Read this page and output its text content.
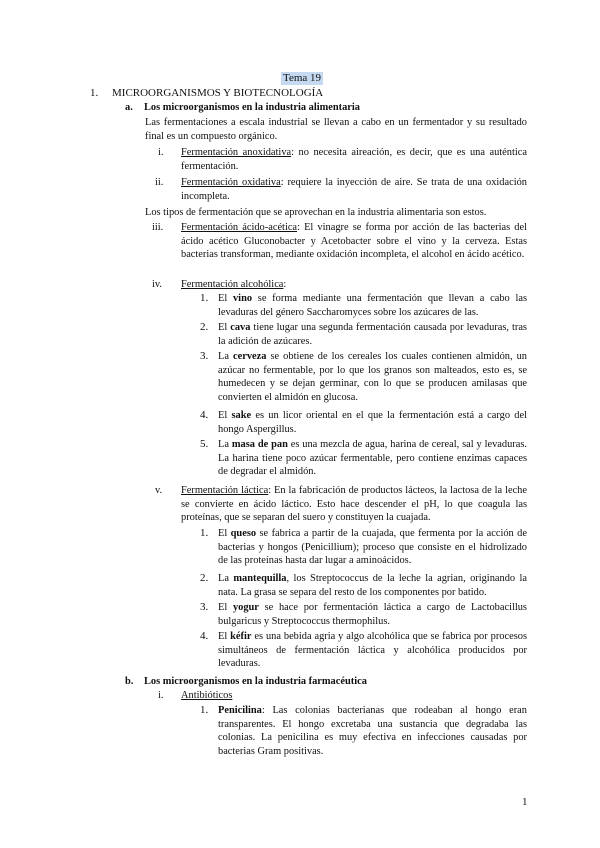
Tema 19
1. MICROORGANISMOS Y BIOTECNOLOGÍA
a. Los microorganismos en la industria alimentaria
Las fermentaciones a escala industrial se llevan a cabo en un fermentador y su resultado final es un compuesto orgánico.
i. Fermentación anoxidativa: no necesita aireación, es decir, que es una auténtica fermentación.
ii. Fermentación oxidativa: requiere la inyección de aire. Se trata de una oxidación incompleta.
Los tipos de fermentación que se aprovechan en la industria alimentaria son estos.
iii. Fermentación ácido-acética: El vinagre se forma por acción de las bacterias del ácido acético Gluconobacter y Acetobacter sobre el vino y la cerveza. Estas bacterias transforman, mediante oxidación incompleta, el alcohol en ácido acético.
iv. Fermentación alcohólica:
1. El vino se forma mediante una fermentación que llevan a cabo las levaduras del género Saccharomyces sobre los azúcares de las.
2. El cava tiene lugar una segunda fermentación causada por levaduras, tras la adición de azúcares.
3. La cerveza se obtiene de los cereales los cuales contienen almidón, un azúcar no fermentable, por lo que los granos son malteados, esto es, se humedecen y se dejan germinar, con lo que se producen amilasas que convierten el almidón en glucosa.
4. El sake es un licor oriental en el que la fermentación está a cargo del hongo Aspergillus.
5. La masa de pan es una mezcla de agua, harina de cereal, sal y levaduras. La harina tiene poco azúcar fermentable, pero contiene enzimas capaces de degradar el almidón.
v. Fermentación láctica: En la fabricación de productos lácteos, la lactosa de la leche se convierte en ácido láctico. Esto hace descender el pH, lo que coagula las proteínas, que se separan del suero y constituyen la cuajada.
1. El queso se fabrica a partir de la cuajada, que fermenta por la acción de bacterias y hongos (Penicillium); proceso que consiste en el hidrolizado de las proteínas hasta dar lugar a aminoácidos.
2. La mantequilla, los Streptococcus de la leche la agrian, originando la nata. La grasa se separa del resto de los componentes por batido.
3. El yogur se hace por fermentación láctica a cargo de Lactobacillus bulgaricus y Streptococcus thermophilus.
4. El kéfir es una bebida agria y algo alcohólica que se fabrica por procesos simultáneos de fermentación láctica y alcohólica producidos por levaduras.
b. Los microorganismos en la industria farmacéutica
i. Antibióticos
1. Penicilina: Las colonias bacterianas que rodeaban al hongo eran transparentes. El hongo excretaba una sustancia que degradaba las colonias. La penicilina es muy efectiva en infecciones causadas por bacterias Gram positivas.
1
